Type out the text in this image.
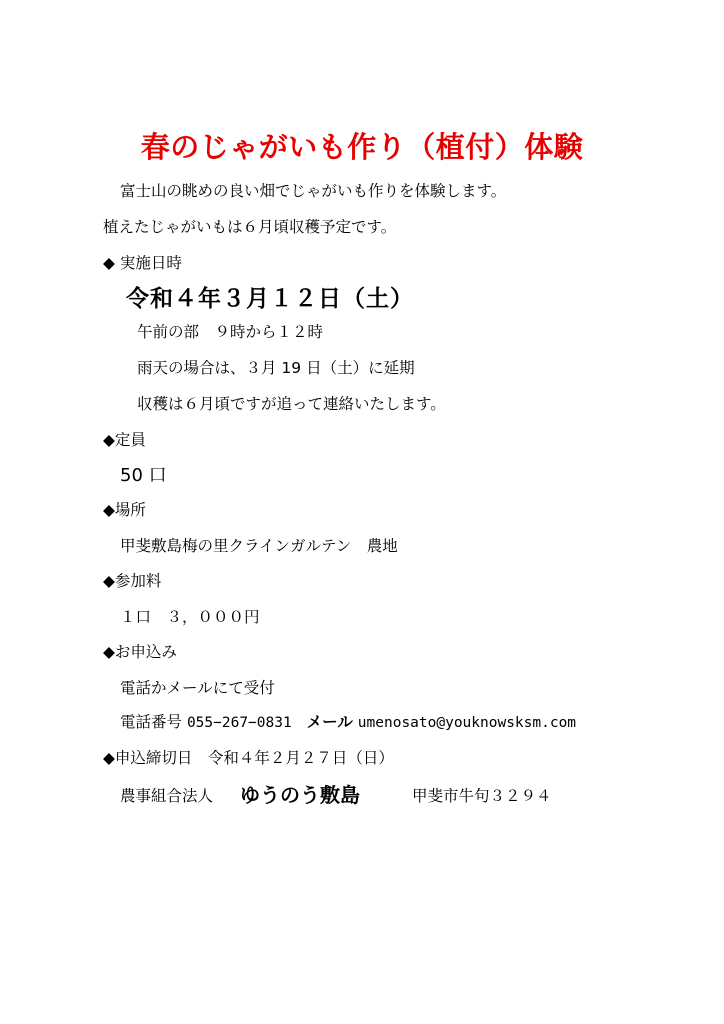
春のじゃがいも作り（植付）体験
富士山の眺めの良い畑でじゃがいも作りを体験します。
植えたじゃがいもは６月頃収穫予定です。
◆ 実施日時
令和４年３月１２日（土）
午前の部　９時から１２時
雨天の場合は、３月 19 日（土）に延期
収穫は６月頃ですが追って連絡いたします。
◆定員
50 口
◆場所
甲斐敷島梅の里クラインガルテン　農地
◆参加料
１口　３，０００円
◆お申込み
電話かメールにて受付
電話番号 055−267−0831 メール umenosato@youknowsksm.com
◆申込締切日　令和４年２月２７日（日）
農事組合法人 ゆうのう敷島	甲斐市牛句３２９４
